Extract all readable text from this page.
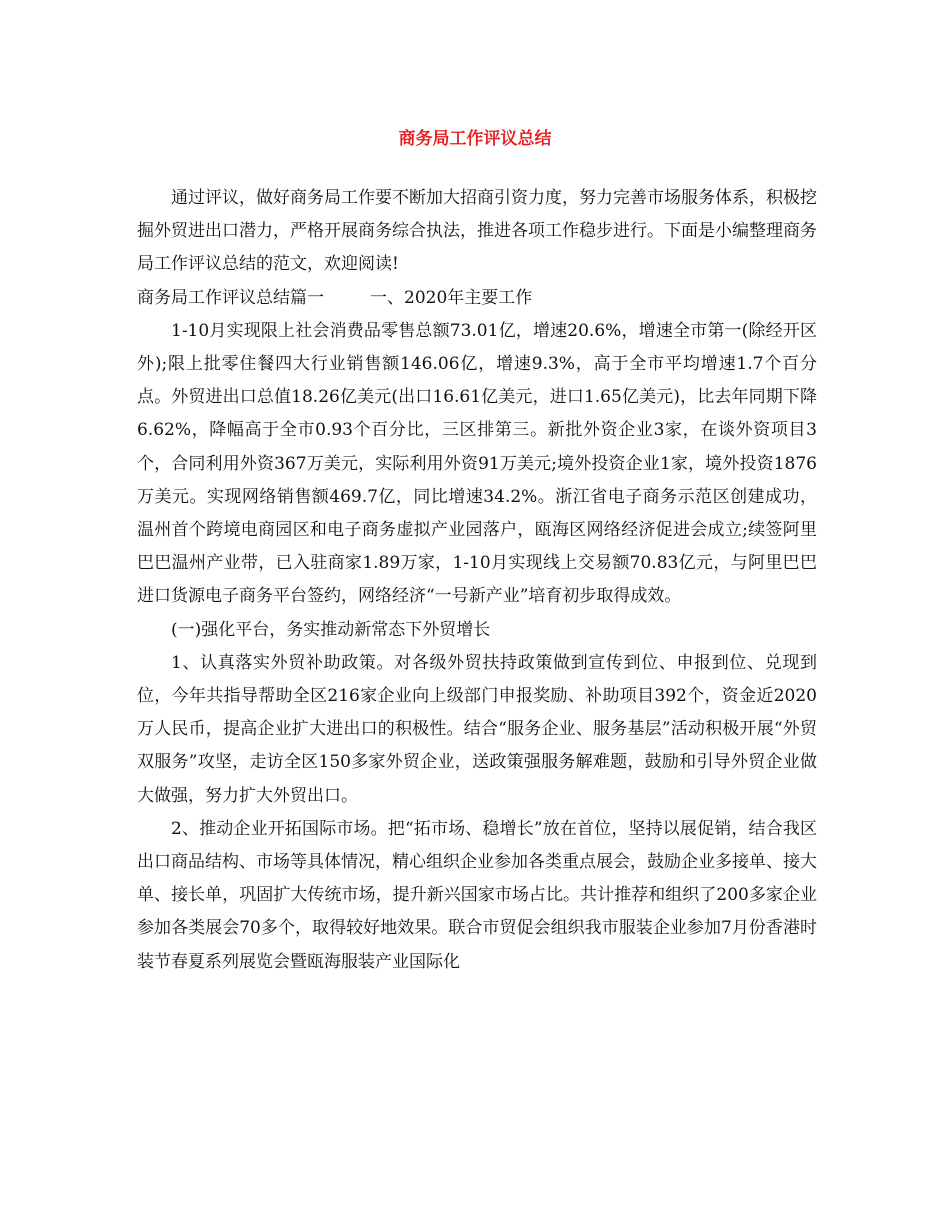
商务局工作评议总结

通过评议，做好商务局工作要不断加大招商引资力度，努力完善市场服务体系，积极挖掘外贸进出口潜力，严格开展商务综合执法，推进各项工作稳步进行。下面是小编整理商务局工作评议总结的范文，欢迎阅读!

商务局工作评议总结篇一	一、2020年主要工作

1-10月实现限上社会消费品零售总额73.01亿，增速20.6%，增速全市第一(除经开区外);限上批零住餐四大行业销售额146.06亿，增速9.3%，高于全市平均增速1.7个百分点。外贸进出口总值18.26亿美元(出口16.61亿美元，进口1.65亿美元)，比去年同期下降6.62%，降幅高于全市0.93个百分比，三区排第三。新批外资企业3家，在谈外资项目3个，合同利用外资367万美元，实际利用外资91万美元;境外投资企业1家，境外投资1876万美元。实现网络销售额469.7亿，同比增速34.2%。浙江省电子商务示范区创建成功，温州首个跨境电商园区和电子商务虚拟产业园落户，瓯海区网络经济促进会成立;续签阿里巴巴温州产业带，已入驻商家1.89万家，1-10月实现线上交易额70.83亿元，与阿里巴巴进口货源电子商务平台签约，网络经济“一号新产业”培育初步取得成效。

(一)强化平台，务实推动新常态下外贸增长

1、认真落实外贸补助政策。对各级外贸扶持政策做到宣传到位、申报到位、兑现到位，今年共指导帮助全区216家企业向上级部门申报奖励、补助项目392个，资金近2020万人民币，提高企业扩大进出口的积极性。结合“服务企业、服务基层”活动积极开展“外贸双服务”攻坚，走访全区150多家外贸企业，送政策强服务解难题，鼓励和引导外贸企业做大做强，努力扩大外贸出口。

2、推动企业开拓国际市场。把“拓市场、稳增长”放在首位，坚持以展促销，结合我区出口商品结构、市场等具体情况，精心组织企业参加各类重点展会，鼓励企业多接单、接大单、接长单，巩固扩大传统市场，提升新兴国家市场占比。共计推荐和组织了200多家企业参加各类展会70多个，取得较好地效果。联合市贸促会组织我市服装企业参加7月份香港时装节春夏系列展览会暨瓯海服装产业国际化
